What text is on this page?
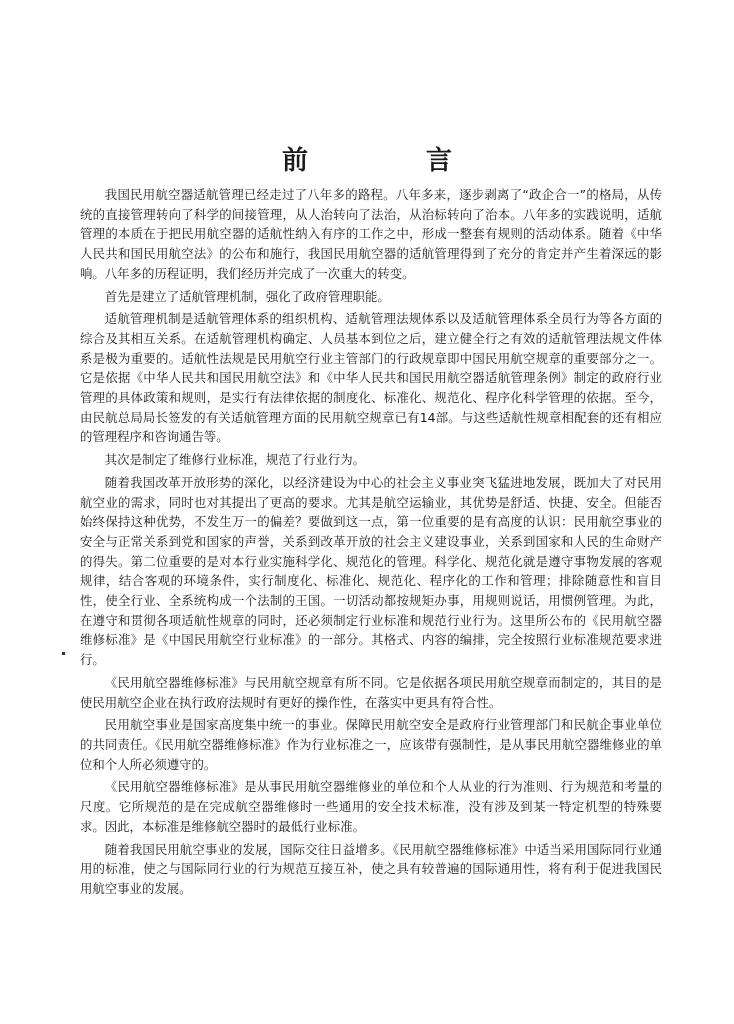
前	言

我国民用航空器适航管理已经走过了八年多的路程。八年多来，逐步剥离了“政企合一”的格局，从传统的直接管理转向了科学的间接管理，从人治转向了法治，从治标转向了治本。八年多的实践说明，适航管理的本质在于把民用航空器的适航性纳入有序的工作之中，形成一整套有规则的活动体系。随着《中华人民共和国民用航空法》的公布和施行，我国民用航空器的适航管理得到了充分的肯定并产生着深远的影响。八年多的历程证明，我们经历并完成了一次重大的转变。

首先是建立了适航管理机制，强化了政府管理职能。

适航管理机制是适航管理体系的组织机构、适航管理法规体系以及适航管理体系全员行为等各方面的综合及其相互关系。在适航管理机构确定、人员基本到位之后，建立健全行之有效的适航管理法规文件体系是极为重要的。适航性法规是民用航空行业主管部门的行政规章即中国民用航空规章的重要部分之一。它是依据《中华人民共和国民用航空法》和《中华人民共和国民用航空器适航管理条例》制定的政府行业管理的具体政策和规则，是实行有法律依据的制度化、标准化、规范化、程序化科学管理的依据。至今，由民航总局局长签发的有关适航管理方面的民用航空规章已有14部。与这些适航性规章相配套的还有相应的管理程序和咨询通告等。

其次是制定了维修行业标准，规范了行业行为。

随着我国改革开放形势的深化，以经济建设为中心的社会主义事业突飞猛进地发展，既加大了对民用航空业的需求，同时也对其提出了更高的要求。尤其是航空运输业，其优势是舒适、快捷、安全。但能否始终保持这种优势，不发生万一的偏差？要做到这一点，第一位重要的是有高度的认识：民用航空事业的安全与正常关系到党和国家的声誉，关系到改革开放的社会主义建设事业，关系到国家和人民的生命财产的得失。第二位重要的是对本行业实施科学化、规范化的管理。科学化、规范化就是遵守事物发展的客观规律，结合客观的环境条件，实行制度化、标准化、规范化、程序化的工作和管理；排除随意性和盲目性，使全行业、全系统构成一个法制的王国。一切活动都按规矩办事，用规则说话，用惯例管理。为此，在遵守和贯彻各项适航性规章的同时，还必须制定行业标准和规范行业行为。这里所公布的《民用航空器维修标准》是《中国民用航空行业标准》的一部分。其格式、内容的编排，完全按照行业标准规范要求进行。

《民用航空器维修标准》与民用航空规章有所不同。它是依据各项民用航空规章而制定的，其目的是使民用航空企业在执行政府法规时有更好的操作性，在落实中更具有符合性。

民用航空事业是国家高度集中统一的事业。保障民用航空安全是政府行业管理部门和民航企事业单位的共同责任。《民用航空器维修标准》作为行业标准之一，应该带有强制性，是从事民用航空器维修业的单位和个人所必须遵守的。

《民用航空器维修标准》是从事民用航空器维修业的单位和个人从业的行为准则、行为规范和考量的尺度。它所规范的是在完成航空器维修时一些通用的安全技术标准，没有涉及到某一特定机型的特殊要求。因此，本标准是维修航空器时的最低行业标准。

随着我国民用航空事业的发展，国际交往日益增多。《民用航空器维修标准》中适当采用国际同行业通用的标准，使之与国际同行业的行为规范互接互补，使之具有较普遍的国际通用性，将有利于促进我国民用航空事业的发展。
